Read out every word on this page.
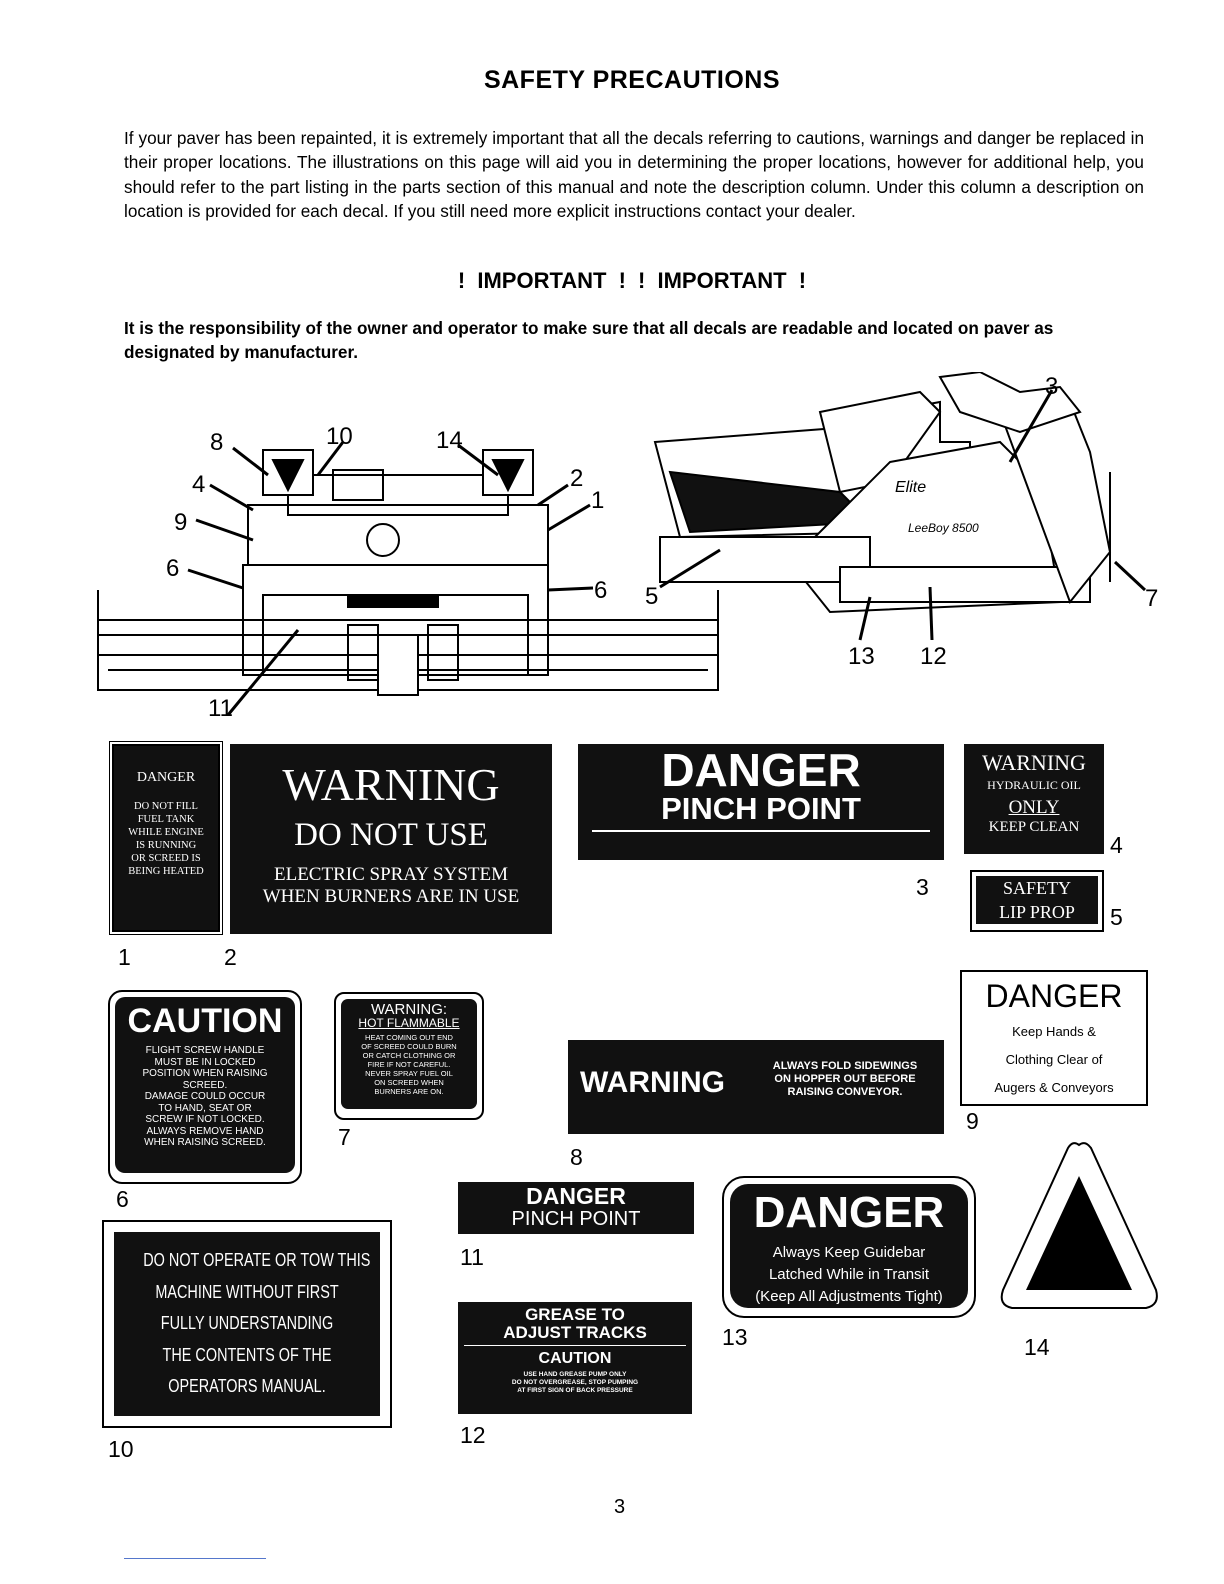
SAFETY PRECAUTIONS
If your paver has been repainted, it is extremely important that all the decals referring to cautions, warnings and danger be replaced in their proper locations. The illustrations on this page will aid you in determining the proper locations, however for additional help, you should refer to the part listing in the parts section of this manual and note the description column. Under this column a description on location is provided for each decal. If you still need more explicit instructions contact your dealer.
! IMPORTANT ! ! IMPORTANT !
It is the responsibility of the owner and operator to make sure that all decals are readable and located on paver as designated by manufacturer.
8	10	14
4	2
1
9
6
6
11
Elite
LeeBoy 8500
3
5	7
13 12
DANGER
DO NOT FILL
FUEL TANK
WHILE ENGINE
IS RUNNING
OR SCREED IS
BEING HEATED
1
WARNING
DO NOT USE
ELECTRIC SPRAY SYSTEM
WHEN BURNERS ARE IN USE
2
DANGER
PINCH POINT
3
WARNING
HYDRAULIC OIL
ONLY
KEEP CLEAN
4
SAFETY
LIP PROP	5
CAUTION
FLIGHT SCREW HANDLE
MUST BE IN LOCKED
POSITION WHEN RAISING
SCREED.
DAMAGE COULD OCCUR
TO HAND, SEAT OR
SCREW IF NOT LOCKED.
ALWAYS REMOVE HAND
WHEN RAISING SCREED.
6
WARNING:
HOT FLAMMABLE
HEAT COMING OUT END
OF SCREED COULD BURN
OR CATCH CLOTHING OR
FIRE IF NOT CAREFUL.
NEVER SPRAY FUEL OIL
ON SCREED WHEN
BURNERS ARE ON.
7
WARNING	ALWAYS FOLD SIDEWINGS
ON HOPPER OUT BEFORE
RAISING CONVEYOR.
8
DANGER
Keep Hands &
Clothing Clear of
Augers & Conveyors
9
DO NOT OPERATE OR TOW THIS
MACHINE WITHOUT FIRST
FULLY UNDERSTANDING
THE CONTENTS OF THE
OPERATORS MANUAL.
10
DANGER
PINCH POINT
11
GREASE TO
ADJUST TRACKS
CAUTION
USE HAND GREASE PUMP ONLY
DO NOT OVERGREASE, STOP PUMPING
AT FIRST SIGN OF BACK PRESSURE
12
DANGER
Always Keep Guidebar
Latched While in Transit
(Keep All Adjustments Tight)
13	14
3
